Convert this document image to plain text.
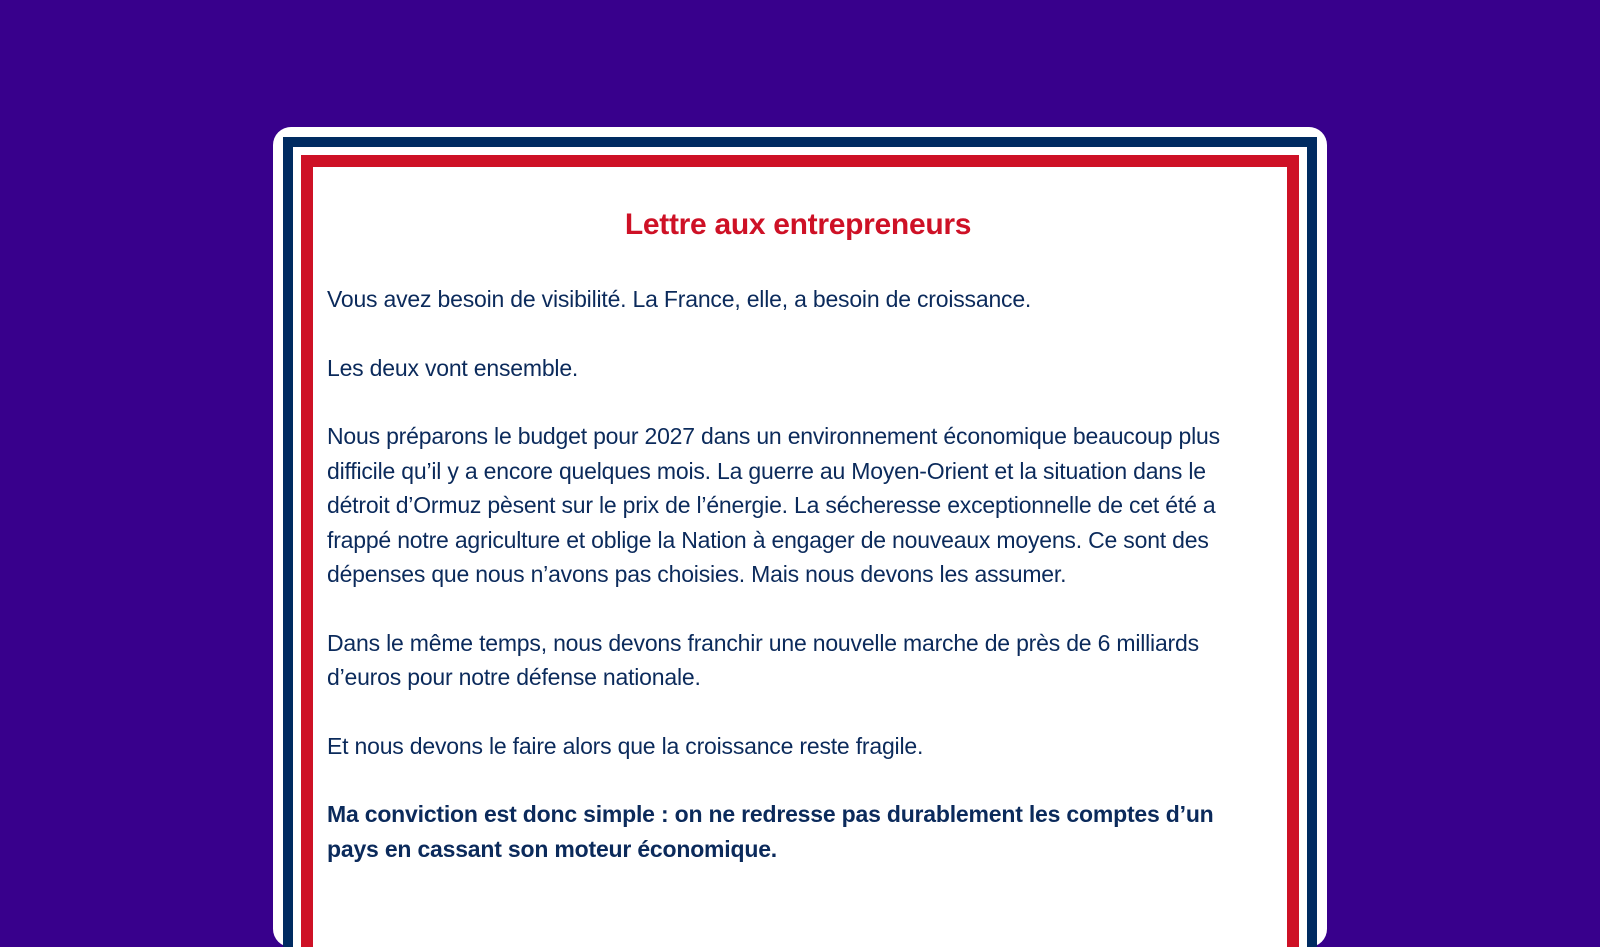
Lettre aux entrepreneurs

Vous avez besoin de visibilité. La France, elle, a besoin de croissance.

Les deux vont ensemble.

Nous préparons le budget pour 2027 dans un environnement économique beaucoup plus difficile qu’il y a encore quelques mois. La guerre au Moyen-Orient et la situation dans le détroit d’Ormuz pèsent sur le prix de l’énergie. La sécheresse exceptionnelle de cet été a frappé notre agriculture et oblige la Nation à engager de nouveaux moyens. Ce sont des dépenses que nous n’avons pas choisies. Mais nous devons les assumer.

Dans le même temps, nous devons franchir une nouvelle marche de près de 6 milliards d’euros pour notre défense nationale.

Et nous devons le faire alors que la croissance reste fragile.

Ma conviction est donc simple : on ne redresse pas durablement les comptes d’un pays en cassant son moteur économique.
